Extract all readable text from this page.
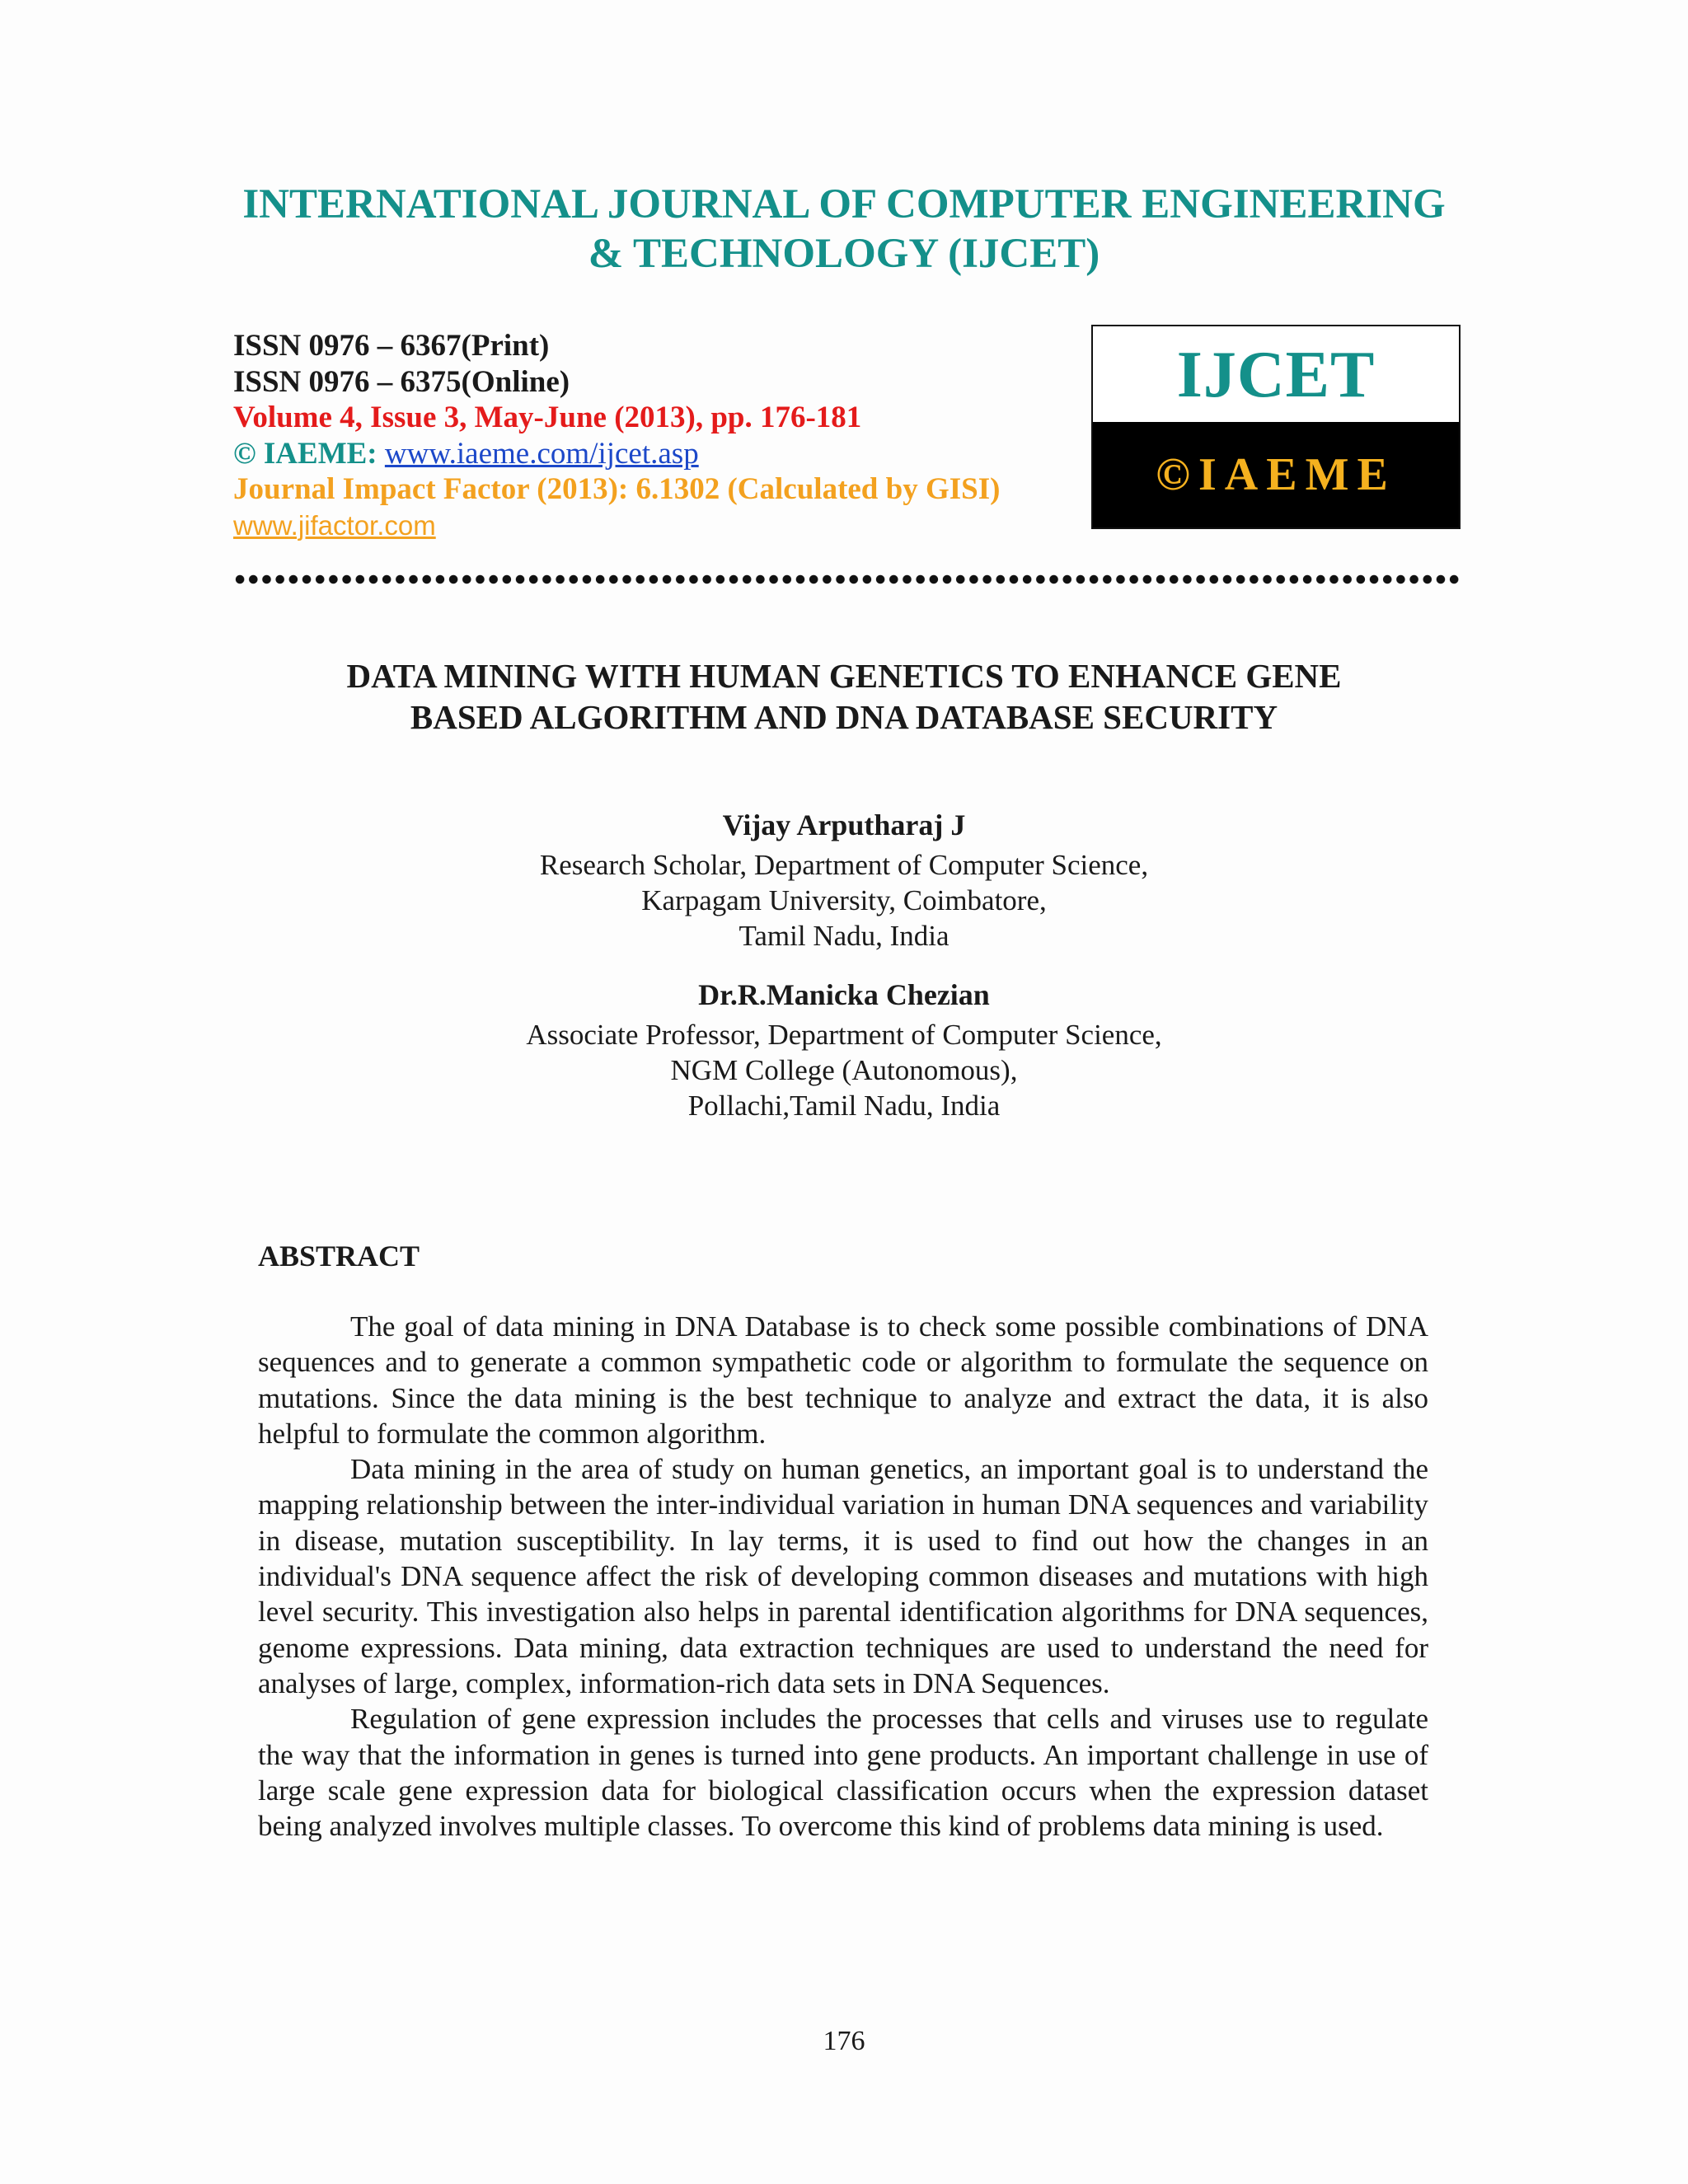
INTERNATIONAL JOURNAL OF COMPUTER ENGINEERING
& TECHNOLOGY (IJCET)
ISSN 0976 – 6367(Print)
ISSN 0976 – 6375(Online)
Volume 4, Issue 3, May-June (2013), pp. 176-181
© IAEME: www.iaeme.com/ijcet.asp
Journal Impact Factor (2013): 6.1302 (Calculated by GISI)
www.jifactor.com
IJCET
©IAEME
DATA MINING WITH HUMAN GENETICS TO ENHANCE GENE
BASED ALGORITHM AND DNA DATABASE SECURITY
Vijay Arputharaj J
Research Scholar, Department of Computer Science,
Karpagam University, Coimbatore,
Tamil Nadu, India
Dr.R.Manicka Chezian
Associate Professor, Department of Computer Science,
NGM College (Autonomous),
Pollachi,Tamil Nadu, India
ABSTRACT

The goal of data mining in DNA Database is to check some possible combinations of DNA sequences and to generate a common sympathetic code or algorithm to formulate the sequence on mutations. Since the data mining is the best technique to analyze and extract the data, it is also helpful to formulate the common algorithm.

Data mining in the area of study on human genetics, an important goal is to understand the mapping relationship between the inter-individual variation in human DNA sequences and variability in disease, mutation susceptibility. In lay terms, it is used to find out how the changes in an individual's DNA sequence affect the risk of developing common diseases and mutations with high level security. This investigation also helps in parental identification algorithms for DNA sequences, genome expressions. Data mining, data extraction techniques are used to understand the need for analyses of large, complex, information-rich data sets in DNA Sequences.

Regulation of gene expression includes the processes that cells and viruses use to regulate the way that the information in genes is turned into gene products. An important challenge in use of large scale gene expression data for biological classification occurs when the expression dataset being analyzed involves multiple classes. To overcome this kind of problems data mining is used.

176
